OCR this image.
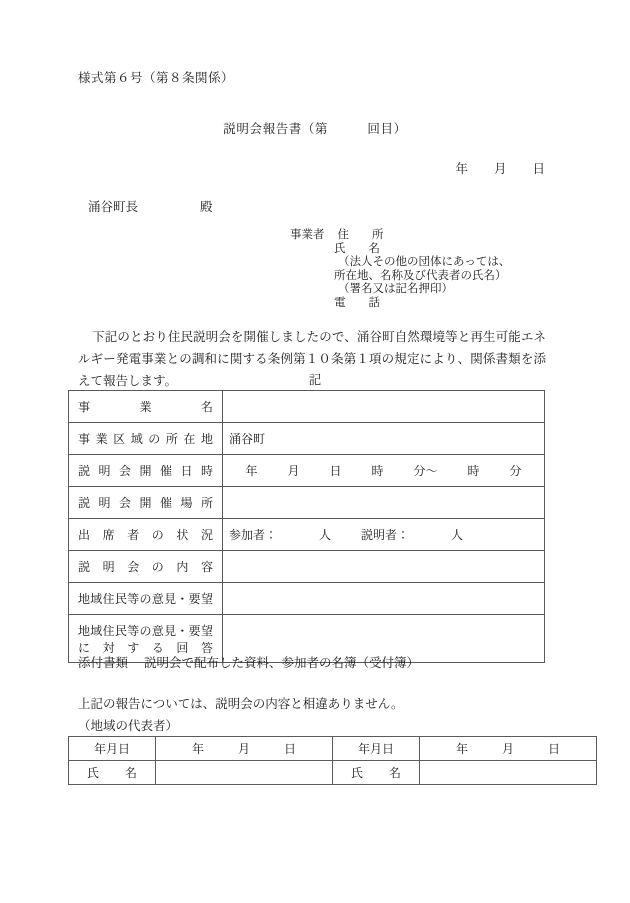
様式第６号（第８条関係）
説明会報告書（第　　　回目）
年 月 日
涌谷町長	殿
事業者 住　　所
氏　　名
（法人その他の団体にあっては、
所在地、名称及び代表者の氏名）
（署名又は記名押印）
電　　話
下記のとおり住民説明会を開催しましたので、涌谷町自然環境等と再生可能エネルギー発電事業との調和に関する条例第１０条第１項の規定により、関係書類を添えて報告します。	記
事業名	
事業区域の所在地	涌谷町
説明会開催日時	年 月 日 時 分～ 時 分
説明会開催場所	
出席者の状況	参加者： 人 説明者： 人
説明会の内容	
地域住民等の意見・要望	

地域住民等の意見・要望
に対する回答	

添付書類 説明会で配布した資料、参加者の名簿（受付簿）
上記の報告については、説明会の内容と相違ありません。
（地域の代表者）
年月日	年 月 日	年月日	年 月 日
氏名		氏名	
